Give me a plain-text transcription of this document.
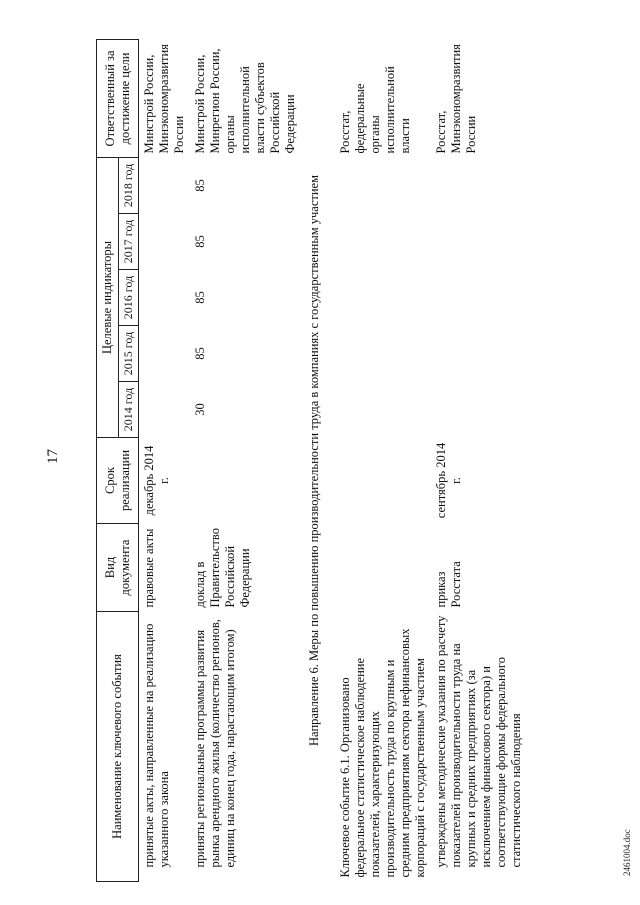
17
Наименование ключевого события	Вид документа	Срок реализации	Целевые индикаторы					Ответственный за достижение цели
			2014 год	2015 год	2016 год	2017 год	2018 год	
принятые акты, направленные на реализацию указанного закона	правовые акты	декабрь 2014 г.						Минстрой России, Минэкономразвития России
приняты региональные программы развития рынка арендного жилья (количество регионов, единиц на конец года, нарастающим итогом)	доклад в Правительство Российской Федерации		30	85	85	85	85	Минстрой России, Минрегион России, органы исполнительной власти субъектов Российской Федерации
Направление 6. Меры по повышению производительности труда в компаниях с государственным участием								
Ключевое событие 6.1. Организовано федеральное статистическое наблюдение показателей, характеризующих производительность труда по крупным и средним предприятиям сектора нефинансовых корпораций с государственным участием								Росстат, федеральные органы исполнительной власти
утверждены методические указания по расчету показателей производительности труда на крупных и средних предприятиях (за исключением финансового сектора) и соответствующие формы федерального статистического наблюдения	приказ Росстата	сентябрь 2014 г.						Росстат, Минэкономразвития России
2461004.doc
